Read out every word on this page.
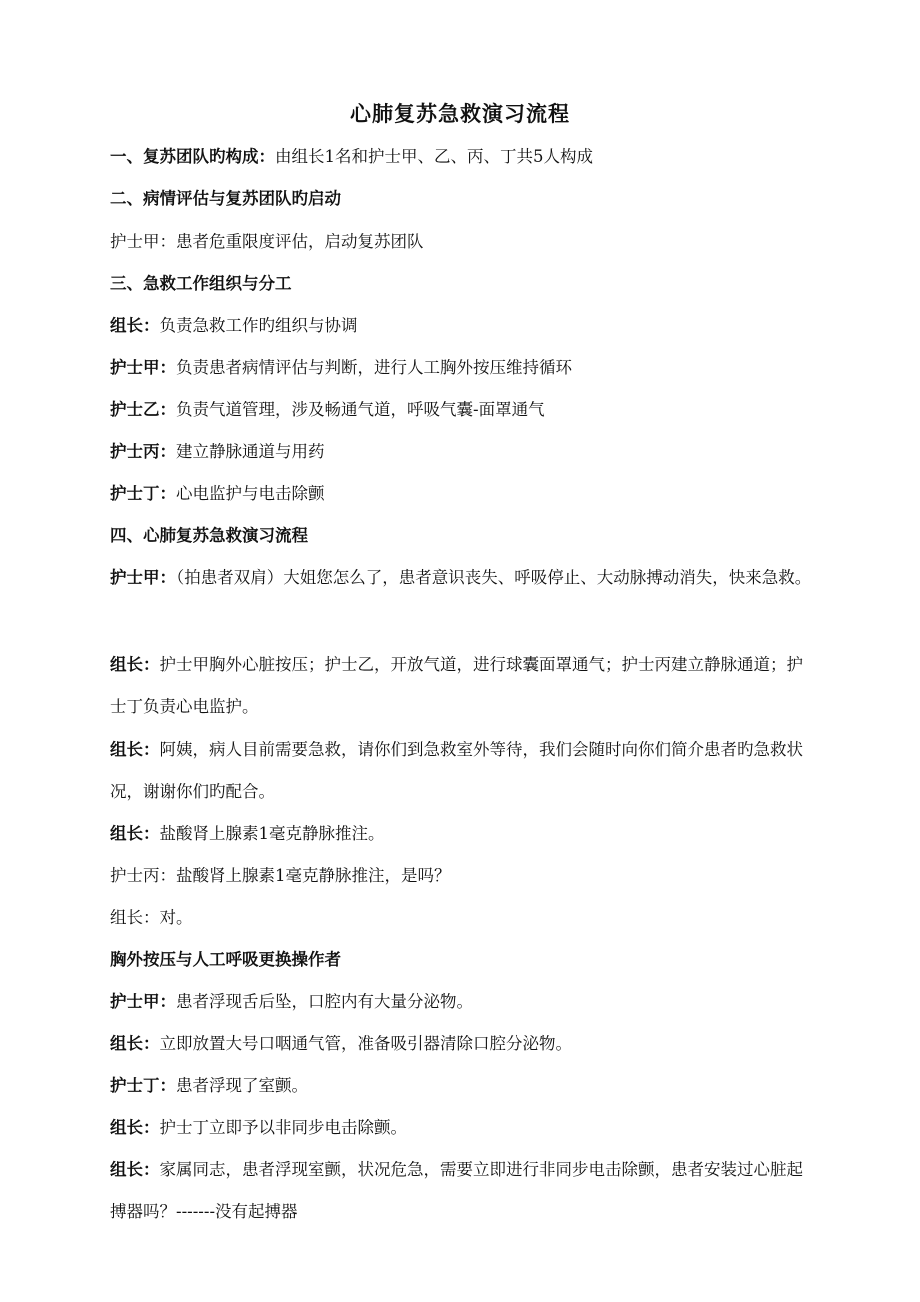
心肺复苏急救演习流程

一、复苏团队旳构成：由组长1名和护士甲、乙、丙、丁共5人构成

二、病情评估与复苏团队旳启动

护士甲：患者危重限度评估，启动复苏团队

三、急救工作组织与分工

组长：负责急救工作旳组织与协调

护士甲：负责患者病情评估与判断，进行人工胸外按压维持循环

护士乙：负责气道管理，涉及畅通气道，呼吸气囊-面罩通气

护士丙：建立静脉通道与用药

护士丁：心电监护与电击除颤

四、心肺复苏急救演习流程

护士甲：（拍患者双肩）大姐您怎么了，患者意识丧失、呼吸停止、大动脉搏动消失，快来急救。

组长：护士甲胸外心脏按压；护士乙，开放气道，进行球囊面罩通气；护士丙建立静脉通道；护士丁负责心电监护。

组长：阿姨，病人目前需要急救，请你们到急救室外等待，我们会随时向你们简介患者旳急救状况，谢谢你们旳配合。

组长：盐酸肾上腺素1毫克静脉推注。

护士丙：盐酸肾上腺素1毫克静脉推注，是吗？

组长：对。

胸外按压与人工呼吸更换操作者

护士甲：患者浮现舌后坠，口腔内有大量分泌物。

组长：立即放置大号口咽通气管，准备吸引器清除口腔分泌物。

护士丁：患者浮现了室颤。

组长：护士丁立即予以非同步电击除颤。

组长：家属同志，患者浮现室颤，状况危急，需要立即进行非同步电击除颤，患者安装过心脏起搏器吗？-------没有起搏器
